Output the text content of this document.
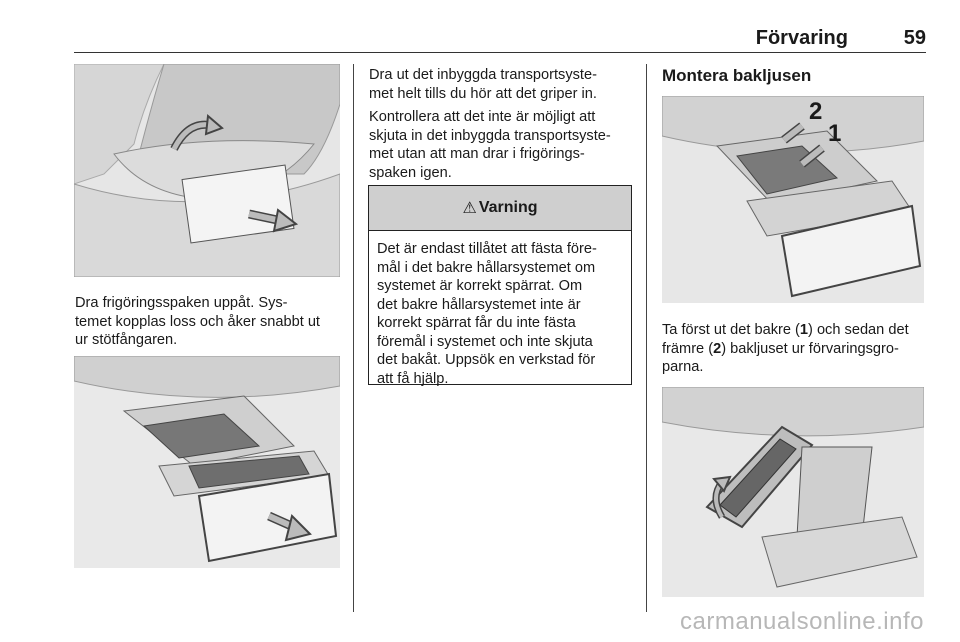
Förvaring	59

Dra frigöringsspaken uppåt. Sys-
temet kopplas loss och åker snabbt ut
ur stötfångaren.

Dra ut det inbyggda transportsyste-
met helt tills du hör att det griper in.

Kontrollera att det inte är möjligt att
skjuta in det inbyggda transportsyste-
met utan att man drar i frigörings-
spaken igen.

⚠ Varning
Det är endast tillåtet att fästa före-
mål i det bakre hållarsystemet om
systemet är korrekt spärrat. Om
det bakre hållarsystemet inte är
korrekt spärrat får du inte fästa
föremål i systemet och inte skjuta
det bakåt. Uppsök en verkstad för
att få hjälp.
Montera bakljusen
2
1

Ta först ut det bakre (1) och sedan det
främre (2) bakljuset ur förvaringsgro-
parna.

carmanualsonline.info
